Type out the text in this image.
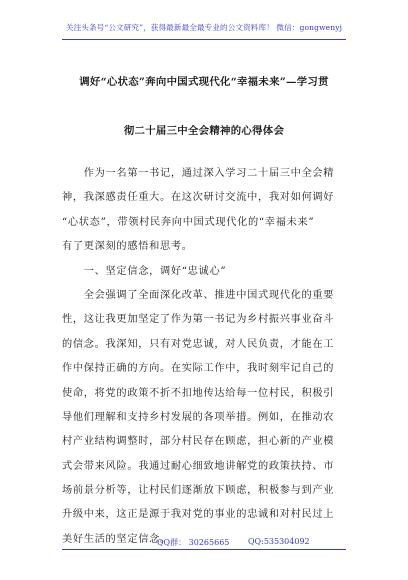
关注头条号“公文研究”，获得最新最全最专业的公文资料库！ 微信：gongwenyj
调好“心状态”奔向中国式现代化“幸福未来”—学习贯
彻二十届三中全会精神的心得体会
　　作为一名第一书记，通过深入学习二十届三中全会精
神，我深感责任重大。在这次研讨交流中，我对如何调好
“心状态”，带领村民奔向中国式现代化的“幸福未来”
有了更深刻的感悟和思考。
　　一、坚定信念，调好“忠诚心”
　　全会强调了全面深化改革、推进中国式现代化的重要
性，这让我更加坚定了作为第一书记为乡村振兴事业奋斗
的信念。我深知，只有对党忠诚，对人民负责，才能在工
作中保持正确的方向。在实际工作中，我时刻牢记自己的
使命，将党的政策不折不扣地传达给每一位村民，积极引
导他们理解和支持乡村发展的各项举措。例如，在推动农
村产业结构调整时，部分村民存在顾虑，担心新的产业模
式会带来风险。我通过耐心细致地讲解党的政策扶持、市
场前景分析等，让村民们逐渐放下顾虑，积极参与到产业
升级中来，这正是源于我对党的事业的忠诚和对村民过上
美好生活的坚定信念。
QQ群： 30265665 QQ:535304092
